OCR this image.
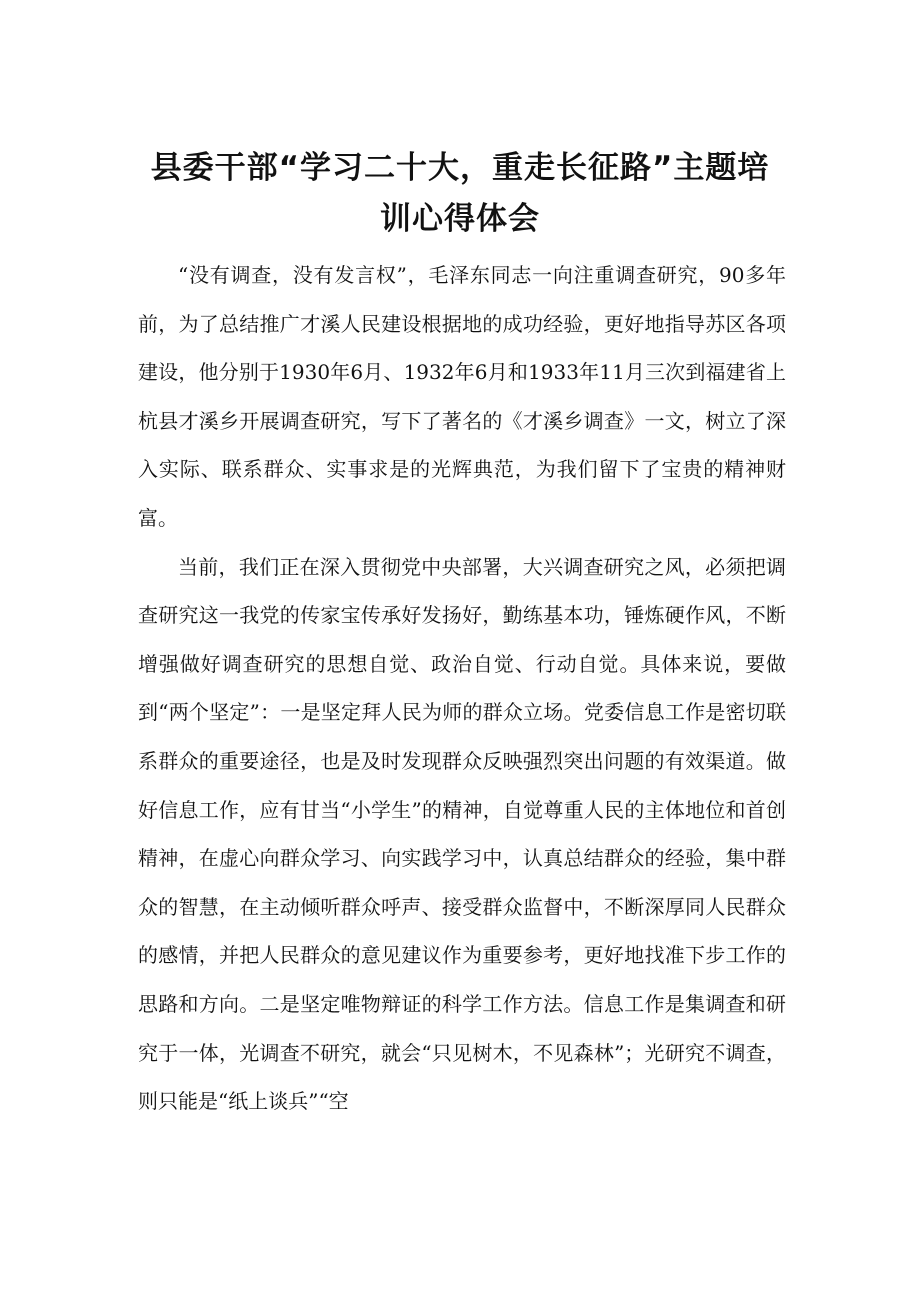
县委干部“学习二十大，重走长征路”主题培
训心得体会

“没有调查，没有发言权”，毛泽东同志一向注重调查研究，90多年前，为了总结推广才溪人民建设根据地的成功经验，更好地指导苏区各项建设，他分别于1930年6月、1932年6月和1933年11月三次到福建省上杭县才溪乡开展调查研究，写下了著名的《才溪乡调查》一文，树立了深入实际、联系群众、实事求是的光辉典范，为我们留下了宝贵的精神财富。

当前，我们正在深入贯彻党中央部署，大兴调查研究之风，必须把调查研究这一我党的传家宝传承好发扬好，勤练基本功，锤炼硬作风，不断增强做好调查研究的思想自觉、政治自觉、行动自觉。具体来说，要做到“两个坚定”：一是坚定拜人民为师的群众立场。党委信息工作是密切联系群众的重要途径，也是及时发现群众反映强烈突出问题的有效渠道。做好信息工作，应有甘当“小学生”的精神，自觉尊重人民的主体地位和首创精神，在虚心向群众学习、向实践学习中，认真总结群众的经验，集中群众的智慧，在主动倾听群众呼声、接受群众监督中，不断深厚同人民群众的感情，并把人民群众的意见建议作为重要参考，更好地找准下步工作的思路和方向。二是坚定唯物辩证的科学工作方法。信息工作是集调查和研究于一体，光调查不研究，就会“只见树木，不见森林”；光研究不调查，则只能是“纸上谈兵”“空
